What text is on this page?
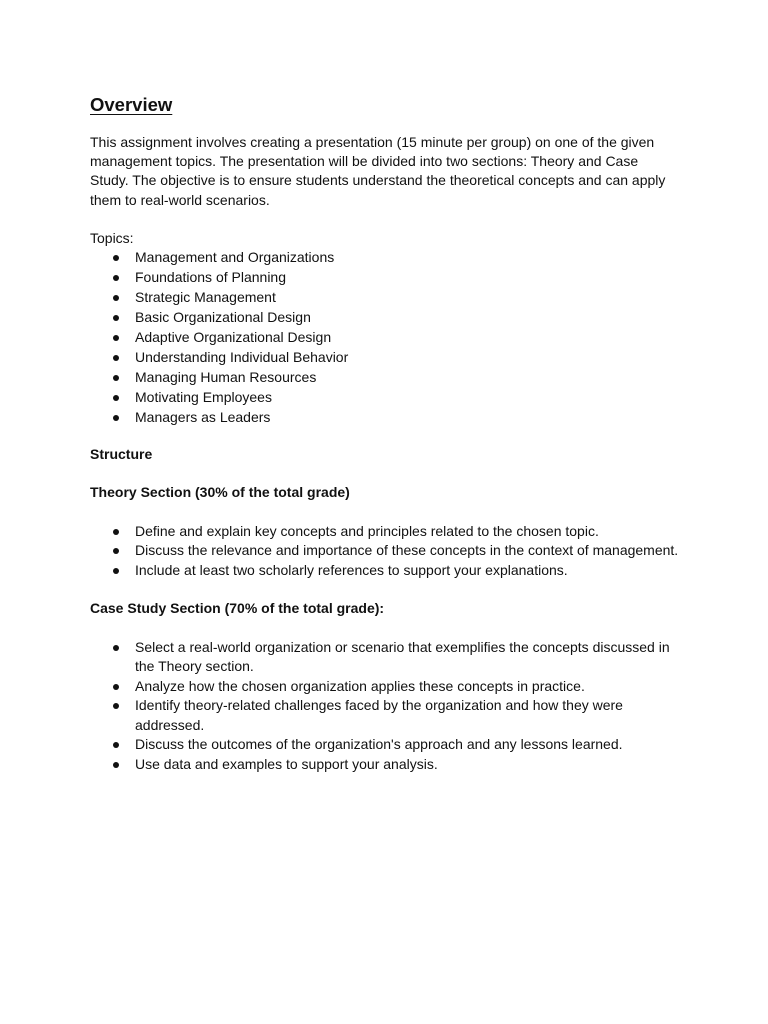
Overview

This assignment involves creating a presentation (15 minute per group) on one of the given management topics. The presentation will be divided into two sections: Theory and Case Study. The objective is to ensure students understand the theoretical concepts and can apply them to real-world scenarios.

Topics:

Management and Organizations
Foundations of Planning
Strategic Management
Basic Organizational Design
Adaptive Organizational Design
Understanding Individual Behavior
Managing Human Resources
Motivating Employees
Managers as Leaders

Structure

Theory Section (30% of the total grade)

Define and explain key concepts and principles related to the chosen topic.
Discuss the relevance and importance of these concepts in the context of management.
Include at least two scholarly references to support your explanations.

Case Study Section (70% of the total grade):

Select a real-world organization or scenario that exemplifies the concepts discussed in the Theory section.
Analyze how the chosen organization applies these concepts in practice.
Identify theory-related challenges faced by the organization and how they were addressed.
Discuss the outcomes of the organization's approach and any lessons learned.
Use data and examples to support your analysis.
